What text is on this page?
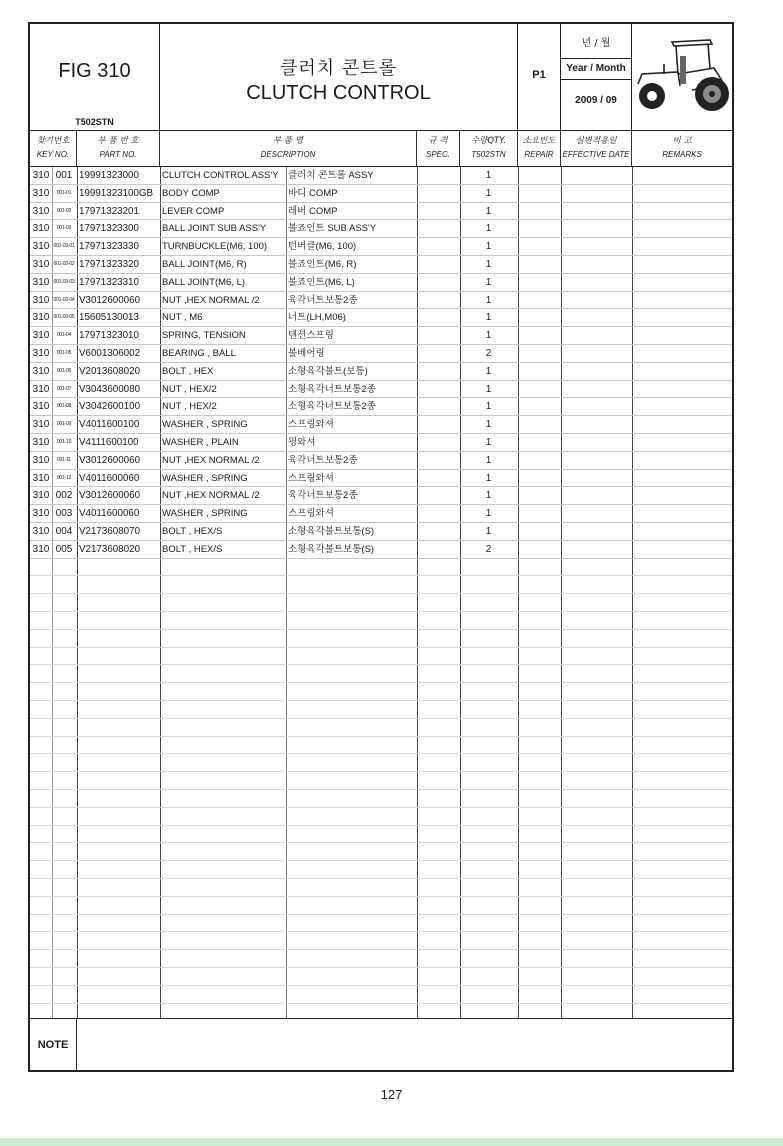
FIG 310
T502STN
클러치 콘트롤
CLUTCH CONTROL
P1
년 / 월
Year / Month
2009 / 09
찾기번호
KEY NO.
부 품 번 호
PART NO.
부 품 명
DESCRIPTION
규 격
SPEC.
수량QTY.
T502STN
소요빈도
REPAIR
실변적용일
EFFECTIVE DATE
비 고
REMARKS
310 001 19991323000	CLUTCH CONTROL ASS'Y 클러치 콘트롤 ASSY	1
310	001-01 19991323100GB BODY COMP	바디 COMP	1
310	001-02 17971323201	LEVER COMP	레버 COMP	1
310	001-03 17971323300	BALL JOINT SUB ASS'Y	볼죠인트 SUB ASS'Y	1
310 001-03-01 17971323330	TURNBUCKLE(M6, 100)	턴버클(M6, 100)	1
310 001-03-02 17971323320	BALL JOINT(M6, R)	볼죠인트(M6, R)	1
310 001-03-03 17971323310	BALL JOINT(M6, L)	볼죠인트(M6, L)	1
310 001-03-04 V3012600060	NUT ,HEX NORMAL /2	육각너트보통2종	1
310 001-03-05 15605130013	NUT , M6	너트(LH,M06)	1
310	001-04 17971323010	SPRING, TENSION	텐션스프링	1
310	001-05 V6001306002	BEARING , BALL	볼베어링	2
310	001-06 V2013608020	BOLT , HEX	소형육각볼트(보통)	1
310	001-07 V3043600080	NUT , HEX/2	소형육각너트보통2종	1
310	001-08 V3042600100	NUT , HEX/2	소형육각너트보통2종	1
310	001-09 V4011600100	WASHER , SPRING	스프링와셔	1
310	001-10 V4111600100	WASHER , PLAIN	평와셔	1
310	001-11 V3012600060	NUT ,HEX NORMAL /2	육각너트보통2종	1
310	001-12 V4011600060	WASHER , SPRING	스프링와셔	1
310 002 V3012600060	NUT ,HEX NORMAL /2	육각너트보통2종	1
310 003 V4011600060	WASHER , SPRING	스프링와셔	1
310 004 V2173608070	BOLT , HEX/S	소형육각볼트보통(S)	1
310 005 V2173608020	BOLT , HEX/S	소형육각볼트보통(S)	2
NOTE
127
